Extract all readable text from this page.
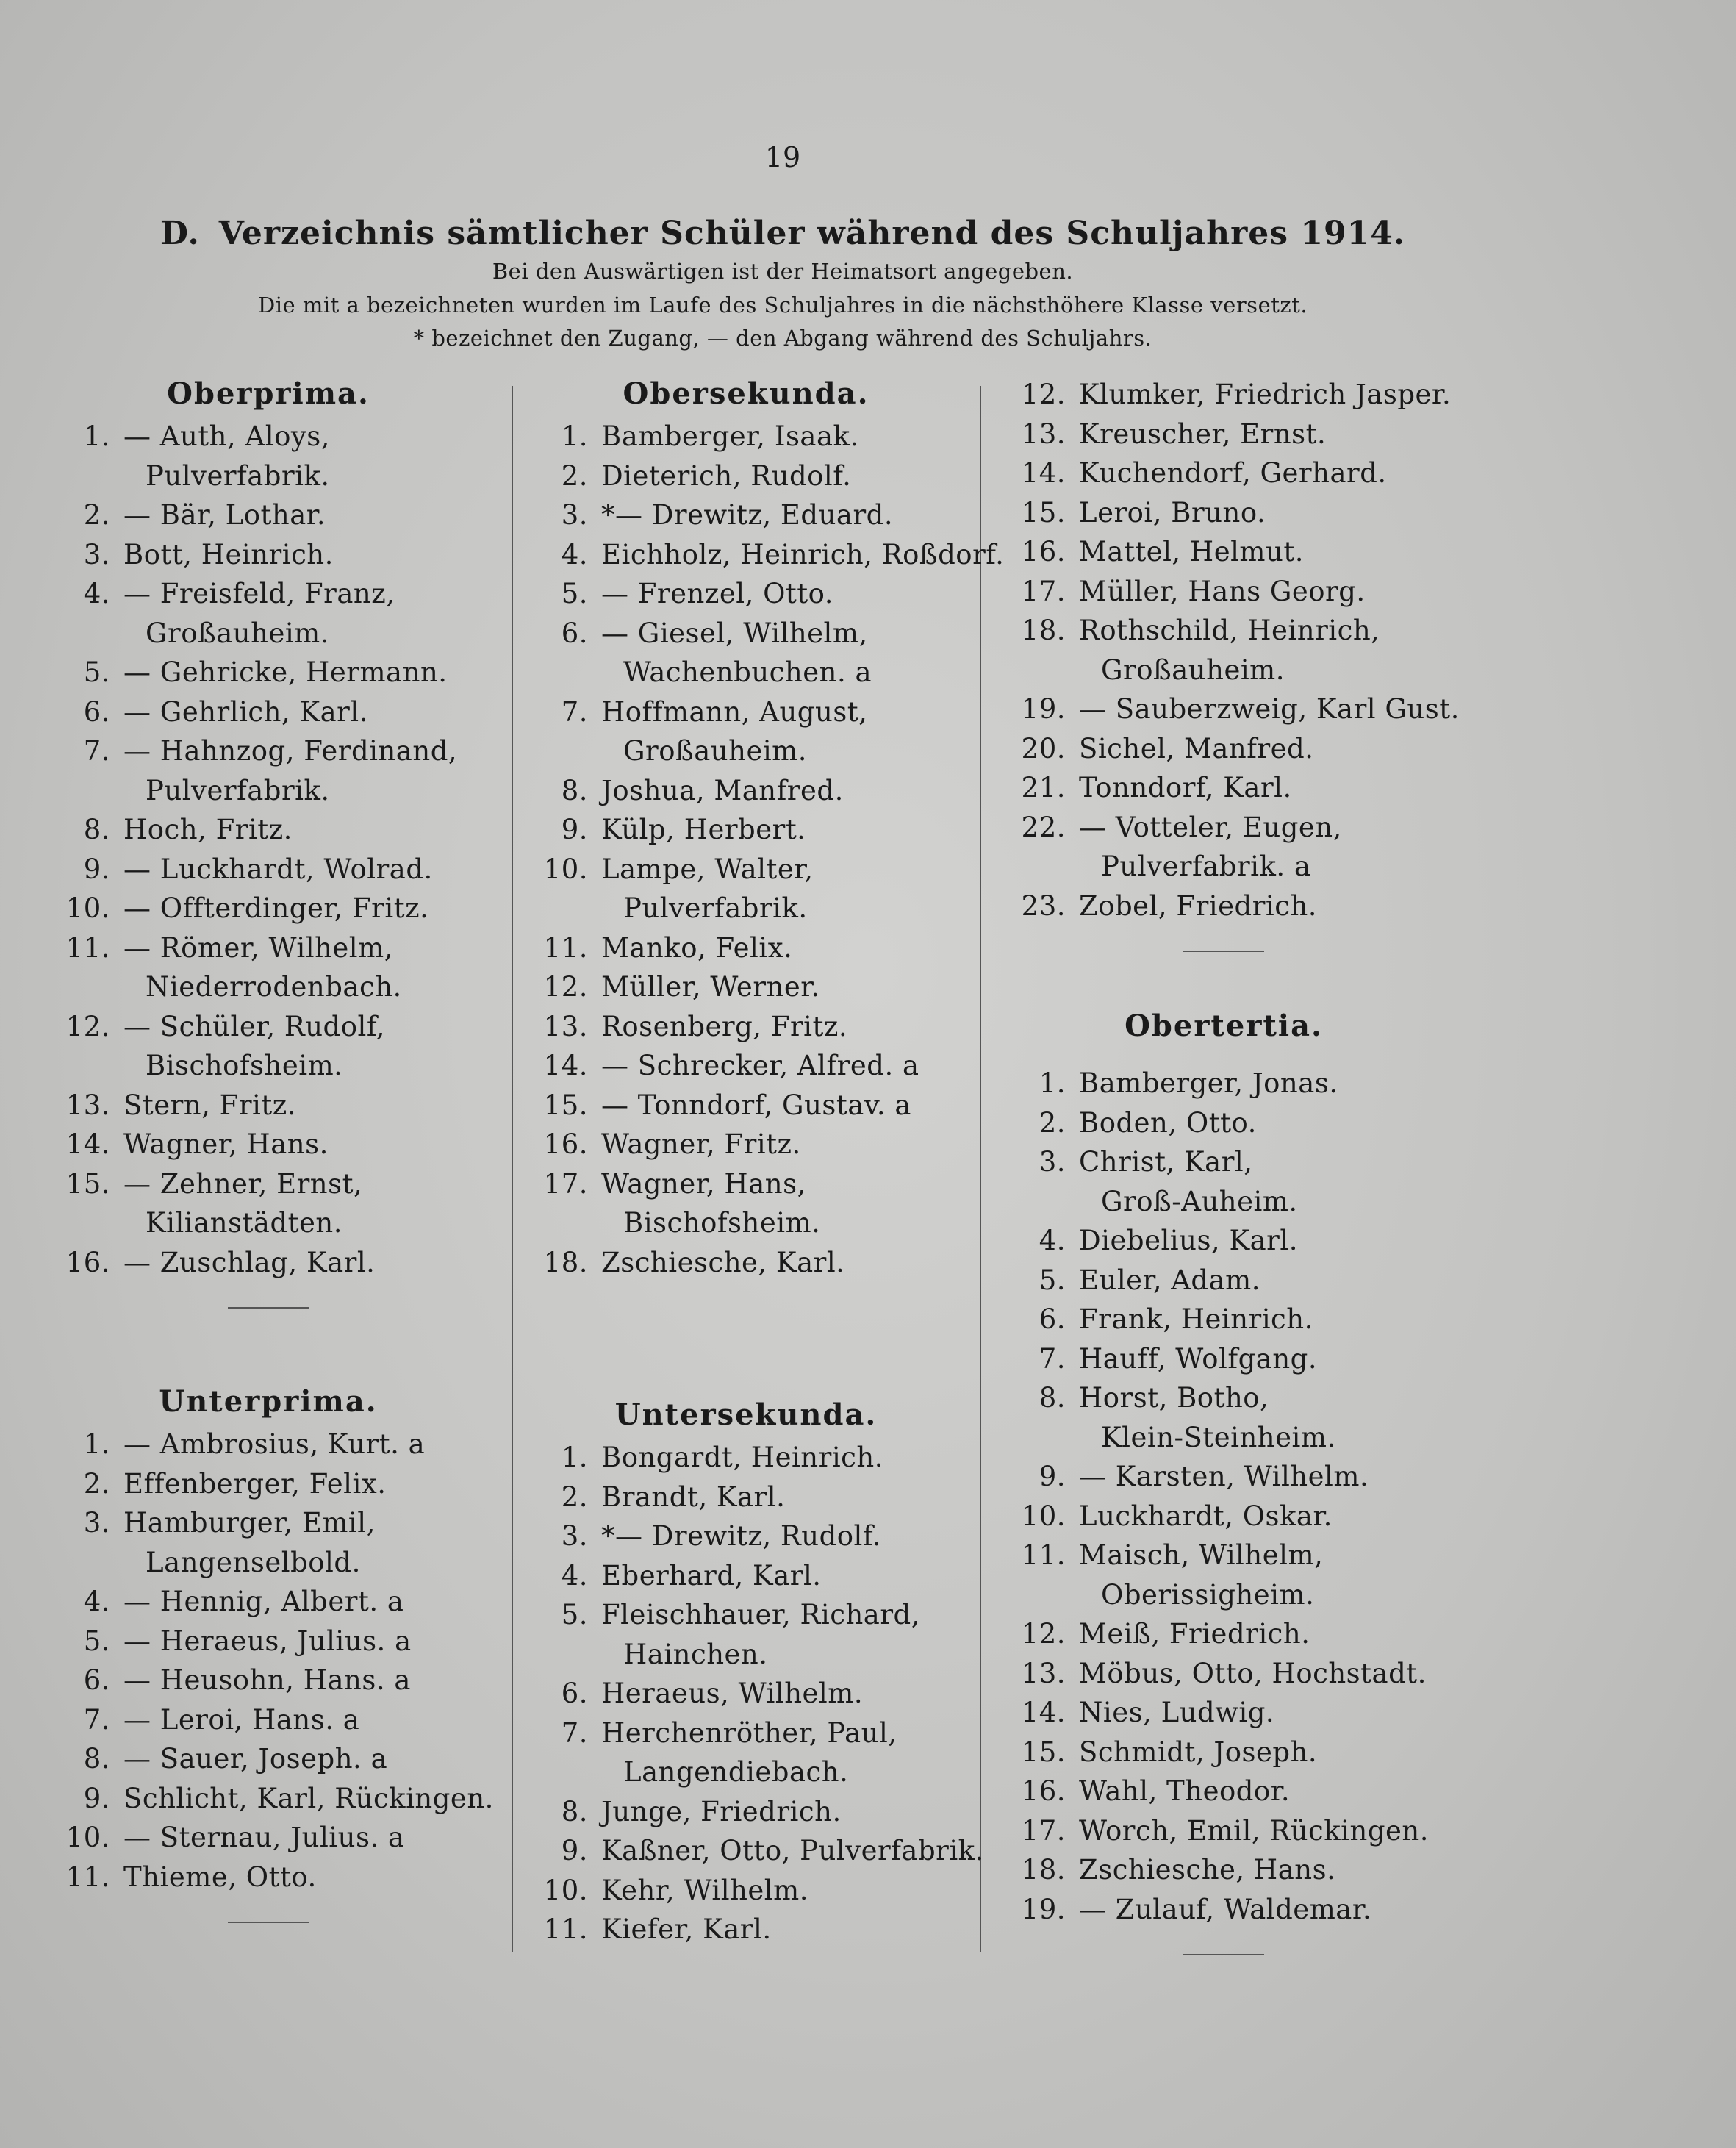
19
D. Verzeichnis sämtlicher Schüler während des Schuljahres 1914.
Bei den Auswärtigen ist der Heimatsort angegeben.
Die mit a bezeichneten wurden im Laufe des Schuljahres in die nächsthöhere Klasse versetzt.
* bezeichnet den Zugang, — den Abgang während des Schuljahrs.
Oberprima.
1. — Auth, Aloys,
Pulverfabrik.
2. — Bär, Lothar.
3. Bott, Heinrich.
4. — Freisfeld, Franz,
Großauheim.
5. — Gehricke, Hermann.
6. — Gehrlich, Karl.
7. — Hahnzog, Ferdinand,
Pulverfabrik.
8. Hoch, Fritz.
9. — Luckhardt, Wolrad.
10. — Offterdinger, Fritz.
11. — Römer, Wilhelm,
Niederrodenbach.
12. — Schüler, Rudolf,
Bischofsheim.
13. Stern, Fritz.
14. Wagner, Hans.
15. — Zehner, Ernst,
Kilianstädten.
16. — Zuschlag, Karl.
Unterprima.
1. — Ambrosius, Kurt. a
2. Effenberger, Felix.
3. Hamburger, Emil,
Langenselbold.
4. — Hennig, Albert. a
5. — Heraeus, Julius. a
6. — Heusohn, Hans. a
7. — Leroi, Hans. a
8. — Sauer, Joseph. a
9. Schlicht, Karl, Rückingen.
10. — Sternau, Julius. a
11. Thieme, Otto.
Obersekunda.
1. Bamberger, Isaak.
2. Dieterich, Rudolf.
3. *— Drewitz, Eduard.
4. Eichholz, Heinrich, Roßdorf.
5. — Frenzel, Otto.
6. — Giesel, Wilhelm,
Wachenbuchen. a
7. Hoffmann, August,
Großauheim.
8. Joshua, Manfred.
9. Külp, Herbert.
10. Lampe, Walter,
Pulverfabrik.
11. Manko, Felix.
12. Müller, Werner.
13. Rosenberg, Fritz.
14. — Schrecker, Alfred. a
15. — Tonndorf, Gustav. a
16. Wagner, Fritz.
17. Wagner, Hans,
Bischofsheim.
18. Zschiesche, Karl.
Untersekunda.
1. Bongardt, Heinrich.
2. Brandt, Karl.
3. *— Drewitz, Rudolf.
4. Eberhard, Karl.
5. Fleischhauer, Richard,
Hainchen.
6. Heraeus, Wilhelm.
7. Herchenröther, Paul,
Langendiebach.
8. Junge, Friedrich.
9. Kaßner, Otto, Pulverfabrik.
10. Kehr, Wilhelm.
11. Kiefer, Karl.
12. Klumker, Friedrich Jasper.
13. Kreuscher, Ernst.
14. Kuchendorf, Gerhard.
15. Leroi, Bruno.
16. Mattel, Helmut.
17. Müller, Hans Georg.
18. Rothschild, Heinrich,
Großauheim.
19. — Sauberzweig, Karl Gust.
20. Sichel, Manfred.
21. Tonndorf, Karl.
22. — Votteler, Eugen,
Pulverfabrik. a
23. Zobel, Friedrich.
Obertertia.
1. Bamberger, Jonas.
2. Boden, Otto.
3. Christ, Karl,
Groß-Auheim.
4. Diebelius, Karl.
5. Euler, Adam.
6. Frank, Heinrich.
7. Hauff, Wolfgang.
8. Horst, Botho,
Klein-Steinheim.
9. — Karsten, Wilhelm.
10. Luckhardt, Oskar.
11. Maisch, Wilhelm,
Oberissigheim.
12. Meiß, Friedrich.
13. Möbus, Otto, Hochstadt.
14. Nies, Ludwig.
15. Schmidt, Joseph.
16. Wahl, Theodor.
17. Worch, Emil, Rückingen.
18. Zschiesche, Hans.
19. — Zulauf, Waldemar.
